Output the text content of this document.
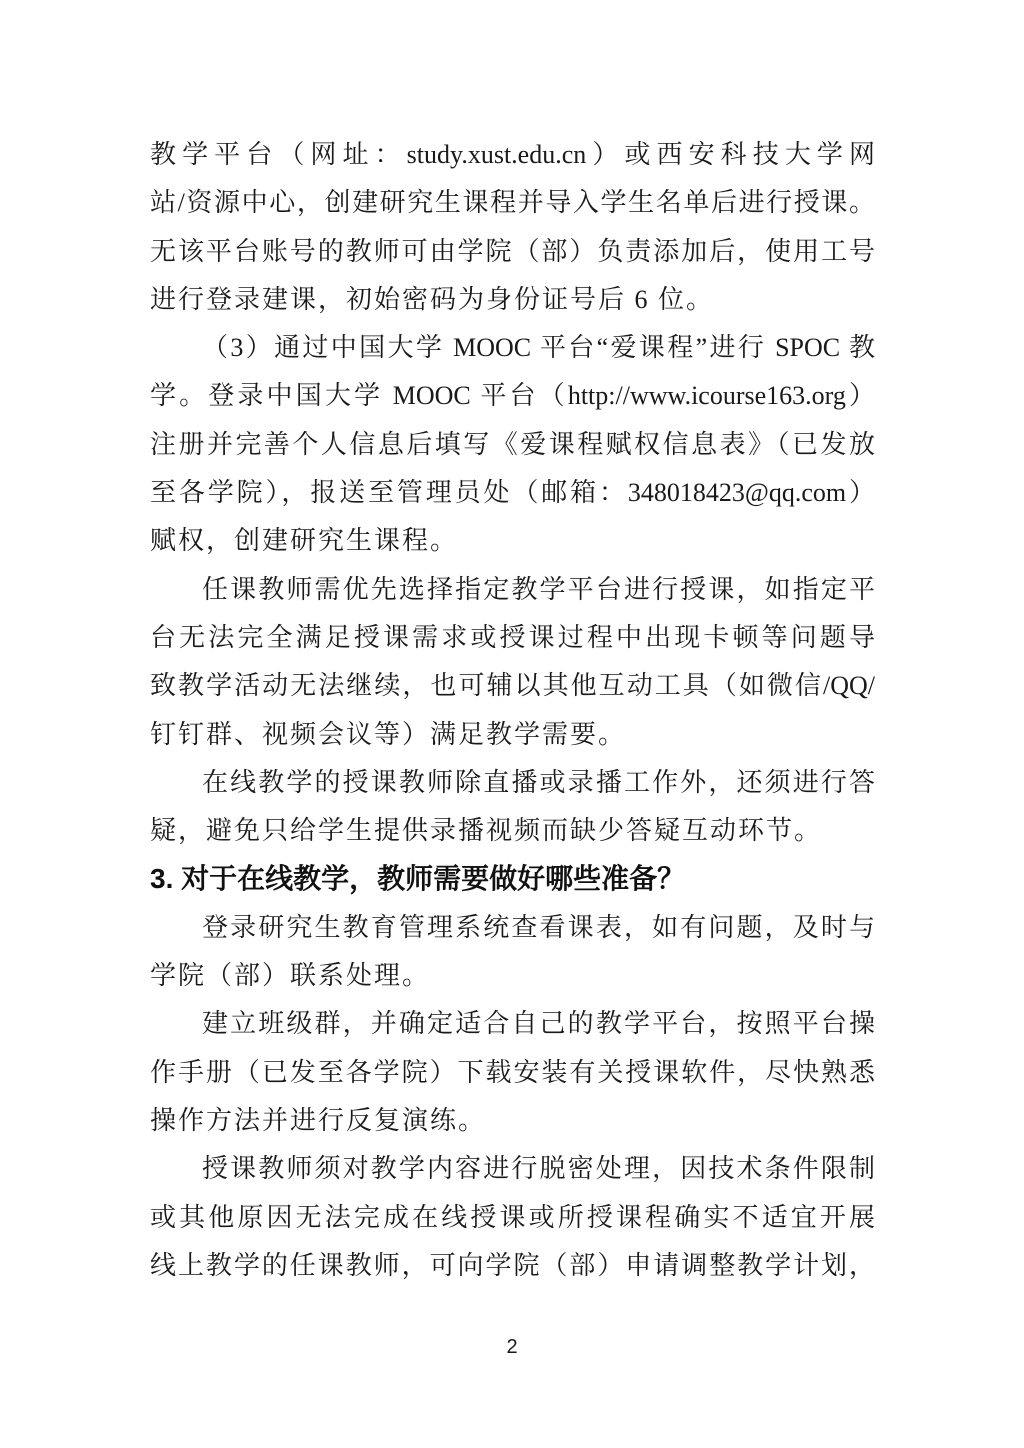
教学平台（网址：study.xust.edu.cn）或西安科技大学网
站/资源中心，创建研究生课程并导入学生名单后进行授课。
无该平台账号的教师可由学院（部）负责添加后，使用工号
进行登录建课，初始密码为身份证号后 6 位。
（3）通过中国大学 MOOC 平台“爱课程”进行 SPOC 教
学。登录中国大学 MOOC 平台（http://www.icourse163.org）
注册并完善个人信息后填写《爱课程赋权信息表》（已发放
至各学院），报送至管理员处（邮箱：348018423@qq.com）
赋权，创建研究生课程。
任课教师需优先选择指定教学平台进行授课，如指定平
台无法完全满足授课需求或授课过程中出现卡顿等问题导
致教学活动无法继续，也可辅以其他互动工具（如微信/QQ/
钉钉群、视频会议等）满足教学需要。
在线教学的授课教师除直播或录播工作外，还须进行答
疑，避免只给学生提供录播视频而缺少答疑互动环节。
3. 对于在线教学，教师需要做好哪些准备？
登录研究生教育管理系统查看课表，如有问题，及时与
学院（部）联系处理。
建立班级群，并确定适合自己的教学平台，按照平台操
作手册（已发至各学院）下载安装有关授课软件，尽快熟悉
操作方法并进行反复演练。
授课教师须对教学内容进行脱密处理，因技术条件限制
或其他原因无法完成在线授课或所授课程确实不适宜开展
线上教学的任课教师，可向学院（部）申请调整教学计划，
2
